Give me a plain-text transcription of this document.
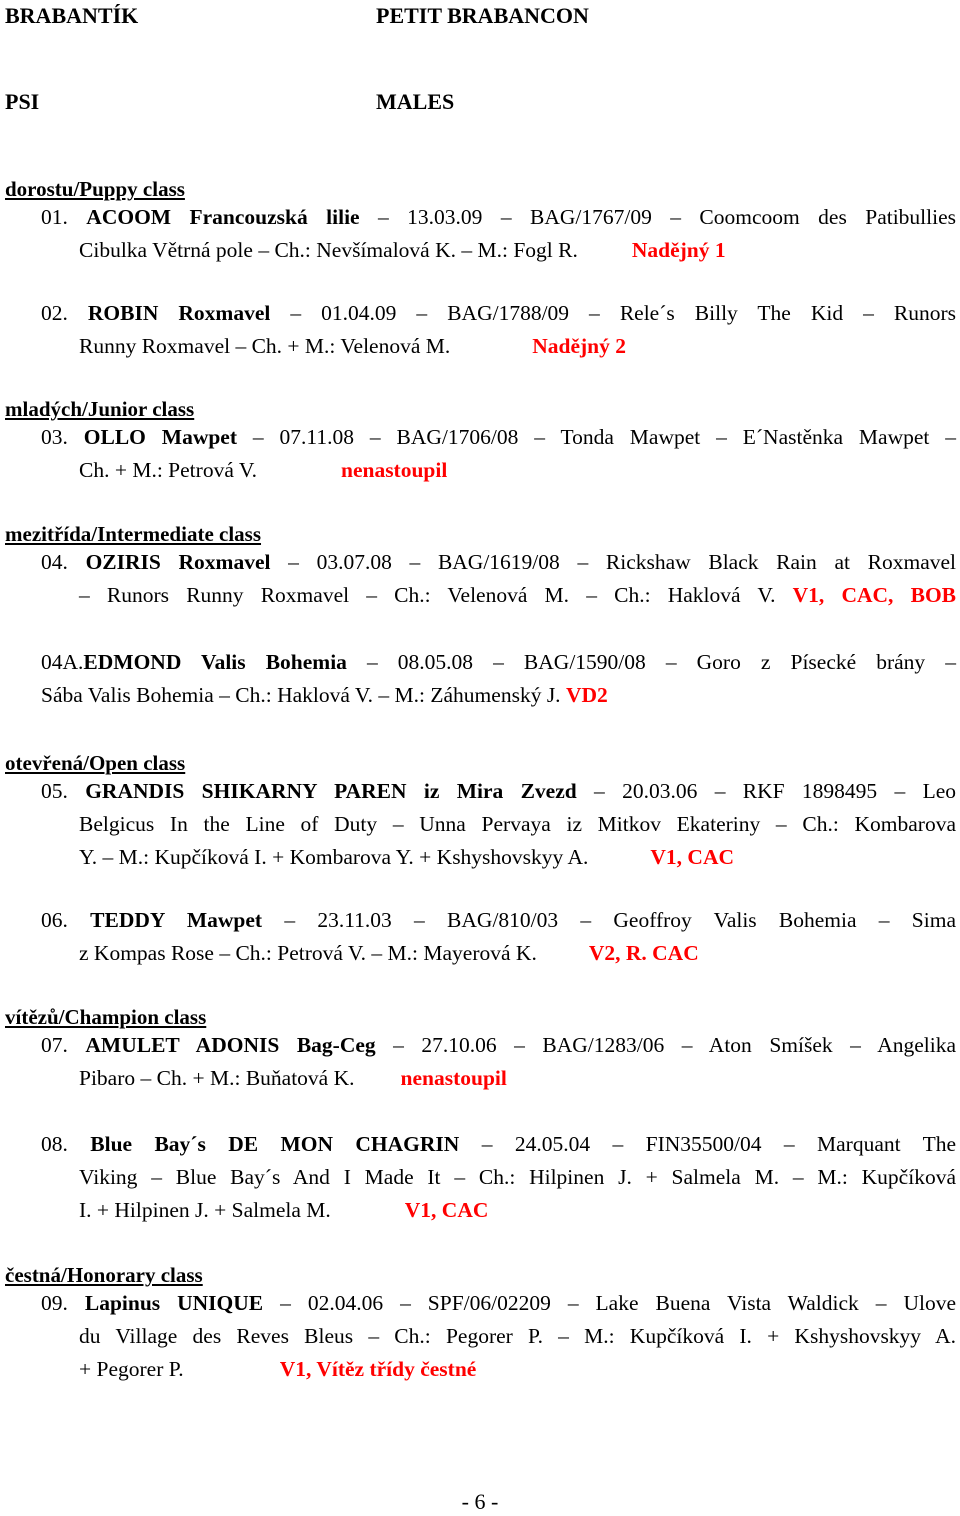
BRABANTÍK	PETIT BRABANCON
PSI	MALES
dorostu/Puppy class
01. ACOOM Francouzská lilie – 13.03.09 – BAG/1767/09 – Coomcoom des Patibullies
Cibulka Větrná pole – Ch.: Nevšímalová K. – M.: Fogl R.	Nadějný 1
02. ROBIN Roxmavel – 01.04.09 – BAG/1788/09 – Rele´s Billy The Kid – Runors
Runny Roxmavel – Ch. + M.: Velenová M.	Nadějný 2
mladých/Junior class
03. OLLO Mawpet – 07.11.08 – BAG/1706/08 – Tonda Mawpet – E´Nastěnka Mawpet –
Ch. + M.: Petrová V.	nenastoupil
mezitřída/Intermediate class
04. OZIRIS Roxmavel – 03.07.08 – BAG/1619/08 – Rickshaw Black Rain at Roxmavel
– Runors Runny Roxmavel – Ch.: Velenová M. – Ch.: Haklová V. V1, CAC, BOB
04A.EDMOND Valis Bohemia – 08.05.08 – BAG/1590/08 – Goro z Písecké brány –
Sába Valis Bohemia – Ch.: Haklová V. – M.: Záhumenský J. VD2
otevřená/Open class
05. GRANDIS SHIKARNY PAREN iz Mira Zvezd – 20.03.06 – RKF 1898495 – Leo
Belgicus In the Line of Duty – Unna Pervaya iz Mitkov Ekateriny – Ch.: Kombarova
Y. – M.: Kupčíková I. + Kombarova Y. + Kshyshovskyy A.	V1, CAC
06. TEDDY Mawpet – 23.11.03 – BAG/810/03 – Geoffroy Valis Bohemia – Sima
z Kompas Rose – Ch.: Petrová V. – M.: Mayerová K. V2, R. CAC
vítězů/Champion class
07. AMULET ADONIS Bag-Ceg – 27.10.06 – BAG/1283/06 – Aton Smíšek – Angelika
Pibaro – Ch. + M.: Buňatová K. nenastoupil
08. Blue Bay´s DE MON CHAGRIN – 24.05.04 – FIN35500/04 – Marquant The
Viking – Blue Bay´s And I Made It – Ch.: Hilpinen J. + Salmela M. – M.: Kupčíková
I. + Hilpinen J. + Salmela M.	V1, CAC
čestná/Honorary class
09. Lapinus UNIQUE – 02.04.06 – SPF/06/02209 – Lake Buena Vista Waldick – Ulove
du Village des Reves Bleus – Ch.: Pegorer P. – M.: Kupčíková I. + Kshyshovskyy A.
+ Pegorer P.	V1, Vítěz třídy čestné
- 6 -
